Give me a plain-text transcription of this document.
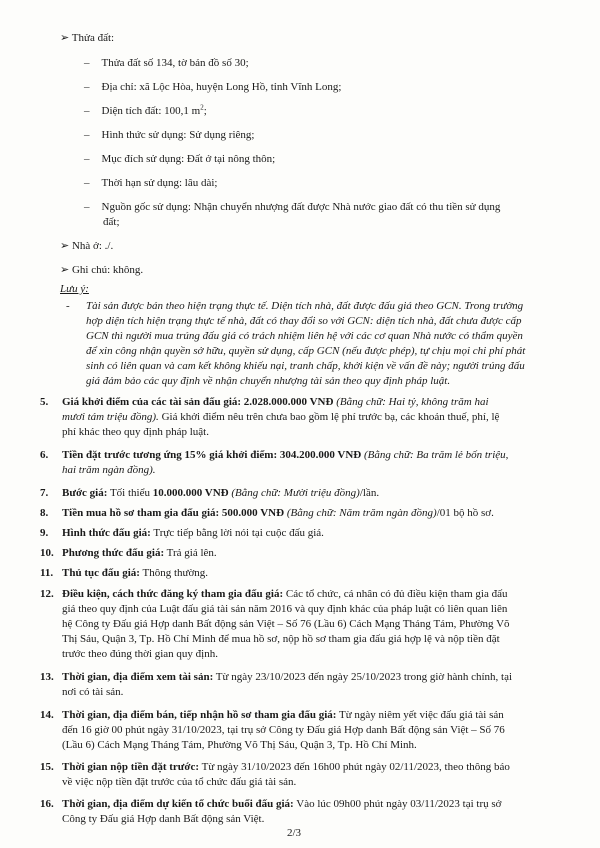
➢ Thửa đất:
– Thửa đất số 134, tờ bản đồ số 30;
– Địa chỉ: xã Lộc Hòa, huyện Long Hồ, tỉnh Vĩnh Long;
– Diện tích đất: 100,1 $m^2$;
– Hình thức sử dụng: Sử dụng riêng;
– Mục đích sử dụng: Đất ở tại nông thôn;
– Thời hạn sử dụng: lâu dài;
– Nguồn gốc sử dụng: Nhận chuyển nhượng đất được Nhà nước giao đất có thu tiền sử dụng
đất;
➢ Nhà ở: ./.
➢ Ghi chú: không.
Lưu ý:
- Tài sản được bán theo hiện trạng thực tế. Diện tích nhà, đất được đấu giá theo GCN. Trong trường
hợp diện tích hiện trạng thực tế nhà, đất có thay đổi so với GCN: diện tích nhà, đất chưa được cấp
GCN thì người mua trúng đấu giá có trách nhiệm liên hệ với các cơ quan Nhà nước có thẩm quyền
để xin công nhận quyền sở hữu, quyền sử dụng, cấp GCN (nếu được phép), tự chịu mọi chi phí phát
sinh có liên quan và cam kết không khiếu nại, tranh chấp, khởi kiện về vấn đề này; người trúng đấu
giá đảm bảo các quy định về nhận chuyển nhượng tài sản theo quy định pháp luật.
5. Giá khởi điểm của các tài sản đấu giá: 2.028.000.000 VNĐ (Bằng chữ: Hai tỷ, không trăm hai
mươi tám triệu đồng). Giá khởi điểm nêu trên chưa bao gồm lệ phí trước bạ, các khoản thuế, phí, lệ
phí khác theo quy định pháp luật.
6. Tiền đặt trước tương ứng 15% giá khởi điểm: 304.200.000 VNĐ (Bằng chữ: Ba trăm lẻ bốn triệu,
hai trăm ngàn đồng).
7. Bước giá: Tối thiểu 10.000.000 VNĐ (Bằng chữ: Mười triệu đồng)/lần.
8. Tiền mua hồ sơ tham gia đấu giá: 500.000 VNĐ (Bằng chữ: Năm trăm ngàn đồng)/01 bộ hồ sơ.
9. Hình thức đấu giá: Trực tiếp bằng lời nói tại cuộc đấu giá.
10. Phương thức đấu giá: Trả giá lên.
11. Thủ tục đấu giá: Thông thường.
12. Điều kiện, cách thức đăng ký tham gia đấu giá: Các tổ chức, cá nhân có đủ điều kiện tham gia đấu
giá theo quy định của Luật đấu giá tài sản năm 2016 và quy định khác của pháp luật có liên quan liên
hệ Công ty Đấu giá Hợp danh Bất động sản Việt – Số 76 (Lầu 6) Cách Mạng Tháng Tám, Phường Võ
Thị Sáu, Quận 3, Tp. Hồ Chí Minh để mua hồ sơ, nộp hồ sơ tham gia đấu giá hợp lệ và nộp tiền đặt
trước theo đúng thời gian quy định.
13. Thời gian, địa điểm xem tài sản: Từ ngày 23/10/2023 đến ngày 25/10/2023 trong giờ hành chính, tại
nơi có tài sản.
14. Thời gian, địa điểm bán, tiếp nhận hồ sơ tham gia đấu giá: Từ ngày niêm yết việc đấu giá tài sản
đến 16 giờ 00 phút ngày 31/10/2023, tại trụ sở Công ty Đấu giá Hợp danh Bất động sản Việt – Số 76
(Lầu 6) Cách Mạng Tháng Tám, Phường Võ Thị Sáu, Quận 3, Tp. Hồ Chí Minh.
15. Thời gian nộp tiền đặt trước: Từ ngày 31/10/2023 đến 16h00 phút ngày 02/11/2023, theo thông báo
về việc nộp tiền đặt trước của tổ chức đấu giá tài sản.
16. Thời gian, địa điểm dự kiến tổ chức buổi đấu giá: Vào lúc 09h00 phút ngày 03/11/2023 tại trụ sở
Công ty Đấu giá Hợp danh Bất động sản Việt.
2/3
